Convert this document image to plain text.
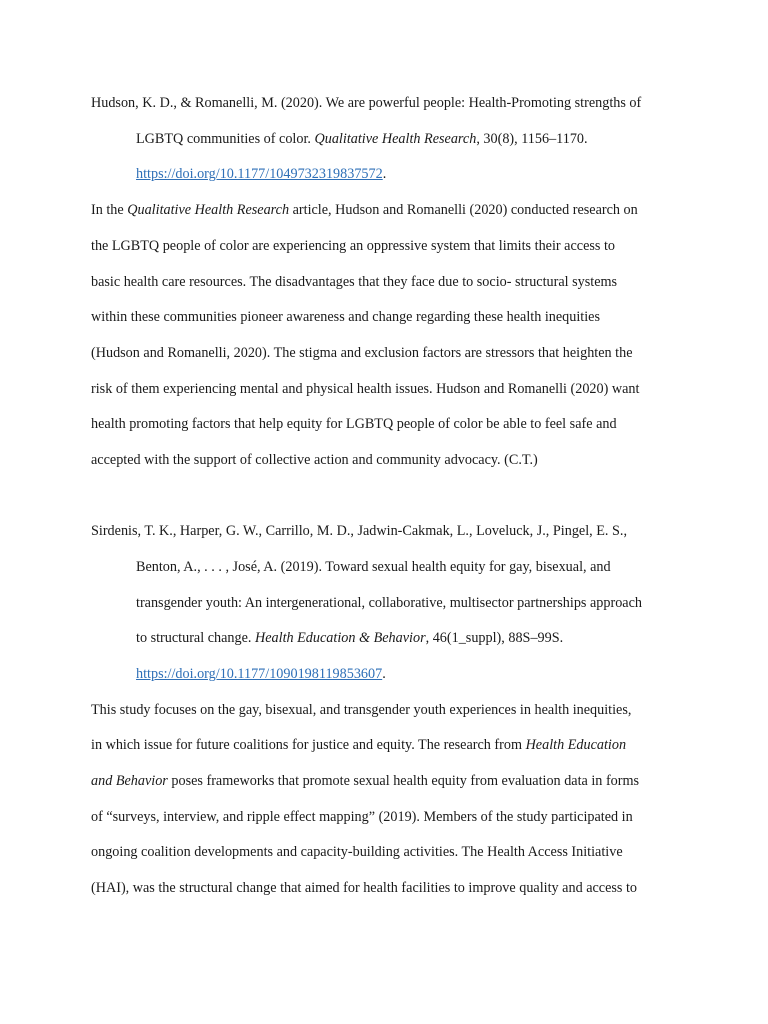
Hudson, K. D., & Romanelli, M. (2020). We are powerful people: Health-Promoting strengths of
LGBTQ communities of color. Qualitative Health Research, 30(8), 1156–1170.
https://doi.org/10.1177/1049732319837572.
In the Qualitative Health Research article, Hudson and Romanelli (2020) conducted research on
the LGBTQ people of color are experiencing an oppressive system that limits their access to
basic health care resources. The disadvantages that they face due to socio- structural systems
within these communities pioneer awareness and change regarding these health inequities
(Hudson and Romanelli, 2020). The stigma and exclusion factors are stressors that heighten the
risk of them experiencing mental and physical health issues. Hudson and Romanelli (2020) want
health promoting factors that help equity for LGBTQ people of color be able to feel safe and
accepted with the support of collective action and community advocacy. (C.T.)
Sirdenis, T. K., Harper, G. W., Carrillo, M. D., Jadwin-Cakmak, L., Loveluck, J., Pingel, E. S.,
Benton, A., . . . , José, A. (2019). Toward sexual health equity for gay, bisexual, and
transgender youth: An intergenerational, collaborative, multisector partnerships approach
to structural change. Health Education & Behavior, 46(1_suppl), 88S–99S.
https://doi.org/10.1177/1090198119853607.
This study focuses on the gay, bisexual, and transgender youth experiences in health inequities,
in which issue for future coalitions for justice and equity. The research from Health Education
and Behavior poses frameworks that promote sexual health equity from evaluation data in forms
of “surveys, interview, and ripple effect mapping” (2019). Members of the study participated in
ongoing coalition developments and capacity-building activities. The Health Access Initiative
(HAI), was the structural change that aimed for health facilities to improve quality and access to
